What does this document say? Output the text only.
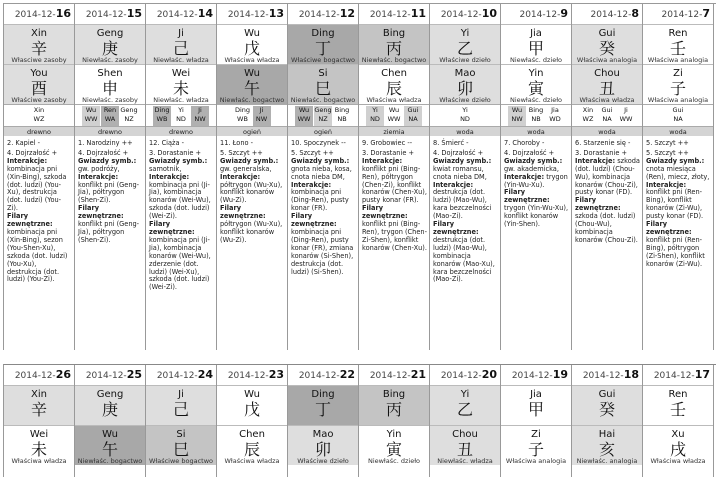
2014-12-16
Xin
辛
Własciwe zasoby
You
酉
Właściwe zasoby
Xin
WZ
drewno
2. Kapiel -

4. Dojrzałość +

Interakcje: kombinacja pni (Xin-Bing), szkoda (dot. ludzi) (You-Xu), destrukcja (dot. ludzi) (You-Zi).

Filary zewnętrzne: kombinacja pni (Xin-Bing), sezon (You-Shen-Xu), szkoda (dot. ludzi) (You-Xu), destrukcja (dot. ludzi) (You-Zi).

2014-12-15
Geng
庚
Niewłaśc. zasoby
Shen
申
Niewłaśc. zasoby
Wu
WW
Ren
WA
Geng
NZ
drewno
1. Narodziny ++

4. Dojrzałość +

Gwiazdy symb.: gw. podróży,

Interakcje: konflikt pni (Geng-Jia), półtrygon (Shen-Zi).

Filary zewnętrzne: konflikt pni (Geng-Jia), półtrygon (Shen-Zi).

2014-12-14
Ji
己
Niewłaśc. władza
Wei
未
Niewłaśc. władza
Ding
WB
Yi
ND
Ji
NW
drewno
12. Ciąża -

3. Dorastanie +

Gwiazdy symb.: samotnik,

Interakcje: kombinacja pni (Ji-Jia), kombinacja konarów (Wei-Wu), szkoda (dot. ludzi) (Wei-Zi).

Filary zewnętrzne: kombinacja pni (Ji-Jia), kombinacja konarów (Wei-Wu), zderzenie (dot. ludzi) (Wei-Xu), szkoda (dot. ludzi) (Wei-Zi).

2014-12-13
Wu
戊
Właściwa władza
Wu
午
Niewłaśc. bogactwo
Ding
WB
Ji
NW
ogień
11. Łono -

5. Szczyt ++

Gwiazdy symb.: gw. generalska,

Interakcje: półtrygon (Wu-Xu), konflikt konarów (Wu-Zi).

Filary zewnętrzne: półtrygon (Wu-Xu), konflikt konarów (Wu-Zi).

2014-12-12
Ding
丁
Właściwe bogactwo
Si
巳
Niewłaśc. bogactwo
Wu
WW
Geng
NZ
Bing
NB
ogień
10. Spoczynek --

5. Szczyt ++

Gwiazdy symb.: gnota nieba, kosa, cnota nieba DM,

Interakcje: kombinacja pni (Ding-Ren), pusty konar (FR).

Filary zewnętrzne: kombinacja pni (Ding-Ren), pusty konar (FR), zmiana konarów (Si-Shen), destrukcja (dot. ludzi) (Si-Shen).

2014-12-11
Bing
丙
Niewłaśc. bogactwo
Chen
辰
Właściwa władza
Yi
ND
Wu
WW
Gui
NA
ziemia
9. Grobowiec --

3. Dorastanie +

Interakcje: konflikt pni (Bing-Ren), półtrygon (Chen-Zi), konflikt konarów (Chen-Xu), pusty konar (FR).

Filary zewnętrzne: konflikt pni (Bing-Ren), trygon (Chen-Zi-Shen), konflikt konarów (Chen-Xu).

2014-12-10
Yi
乙
Właściwe dzieło
Mao
卯
Właściwe dzieło
Yi
ND
woda
8. Śmierć -

4. Dojrzałość +

Gwiazdy symb.: kwiat romansu, cnota nieba DM,

Interakcje: destrukcja (dot. ludzi) (Mao-Wu), kara bezczelności (Mao-Zi).

Filary zewnętrzne: destrukcja (dot. ludzi) (Mao-Wu), kombinacja konarów (Mao-Xu), kara bezczelności (Mao-Zi).

2014-12-9
Jia
甲
Niewłaśc. dzieło
Yin
寅
Niewłaśc. dzieło
Wu
NW
Bing
NB
Jia
WD
woda
7. Choroby -

4. Dojrzałość +

Gwiazdy symb.: gw. akademicka,

Interakcje: trygon (Yin-Wu-Xu).

Filary zewnętrzne: trygon (Yin-Wu-Xu), konflikt konarów (Yin-Shen).

2014-12-8
Gui
癸
Właściwa analogia
Chou
丑
Właściwa władza
Xin
WZ
Gui
NA
Ji
WW
woda
6. Starzenie się -

3. Dorastanie +

Interakcje: szkoda (dot. ludzi) (Chou-Wu), kombinacja konarów (Chou-Zi), pusty konar (FD).

Filary zewnętrzne: szkoda (dot. ludzi) (Chou-Wu), kombinacja konarów (Chou-Zi).

2014-12-7
Ren
壬
Właściwa analogia
Zi
子
Właściwa analogia
Gui
NA
woda
5. Szczyt ++

5. Szczyt ++

Gwiazdy symb.: cnota miesiąca (Ren), miecz, złoty,

Interakcje: konflikt pni (Ren-Bing), konflikt konarów (Zi-Wu), pusty konar (FD).

Filary zewnętrzne: konflikt pni (Ren-Bing), półtrygon (Zi-Shen), konflikt konarów (Zi-Wu).

2014-12-26
Xin
辛
Wei
未
Właściwa władza
2014-12-25
Geng
庚
Wu
午
Niewłaśc. bogactwo
2014-12-24
Ji
己
Si
巳
Właściwe bogactwo
2014-12-23
Wu
戊
Chen
辰
Właściwa władza
2014-12-22
Ding
丁
Mao
卯
Właściwe dzieło
2014-12-21
Bing
丙
Yin
寅
Niewłaśc. dzieło
2014-12-20
Yi
乙
Chou
丑
Niewłaśc. władza
2014-12-19
Jia
甲
Zi
子
Właściwa analogia
2014-12-18
Gui
癸
Hai
亥
Niewłaśc. analogia
2014-12-17
Ren
壬
Xu
戌
Właściwa władza
